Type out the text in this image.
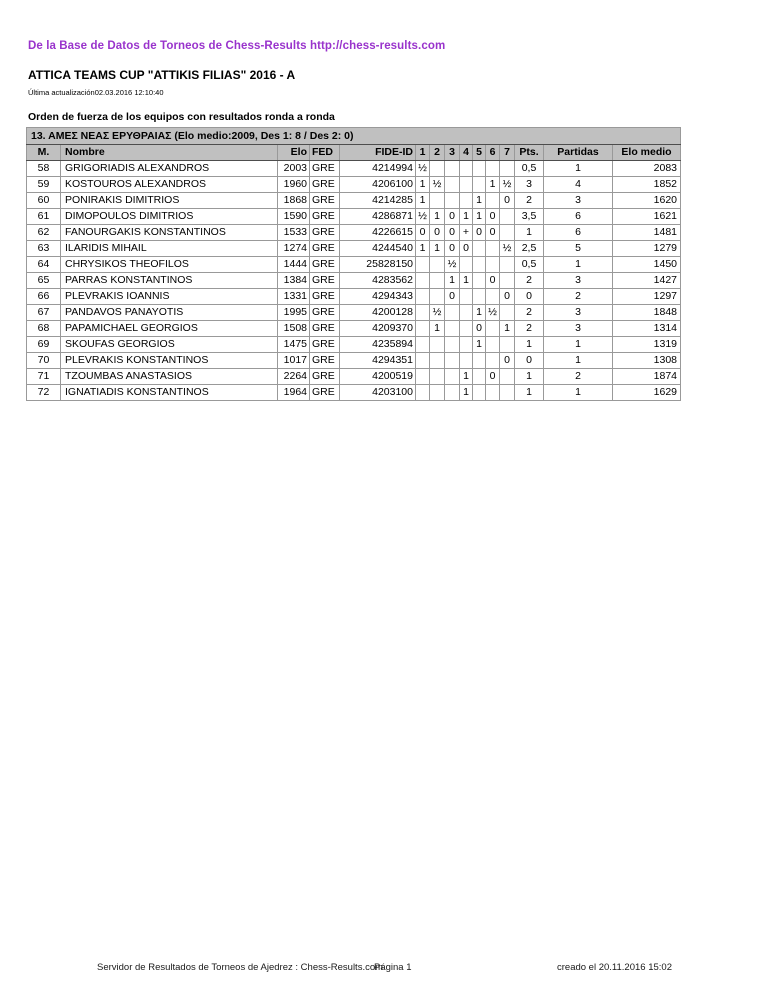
De la Base de Datos de Torneos de Chess-Results http://chess-results.com
ATTICA TEAMS CUP "ATTIKIS FILIAS" 2016 - A
Última actualización02.03.2016 12:10:40
Orden de fuerza de los equipos con resultados ronda a ronda
13. ΑΜΕΣ ΝΕΑΣ ΕΡΥΘΡΑΙΑΣ (Elo medio:2009, Des 1: 8 / Des 2: 0)														
M.	Nombre	Elo	FED	FIDE-ID	1	2	3	4	5	6	7	Pts.	Partidas	Elo medio
58	GRIGORIADIS ALEXANDROS	2003	GRE	4214994	½							0,5	1	2083
59	KOSTOUROS ALEXANDROS	1960	GRE	4206100	1	½				1	½	3	4	1852
60	PONIRAKIS DIMITRIOS	1868	GRE	4214285	1				1		0	2	3	1620
61	DIMOPOULOS DIMITRIOS	1590	GRE	4286871	½	1	0	1	1	0		3,5	6	1621
62	FANOURGAKIS KONSTANTINOS	1533	GRE	4226615	0	0	0	+	0	0		1	6	1481
63	ILARIDIS MIHAIL	1274	GRE	4244540	1	1	0	0			½	2,5	5	1279
64	CHRYSIKOS THEOFILOS	1444	GRE	25828150			½					0,5	1	1450
65	PARRAS KONSTANTINOS	1384	GRE	4283562			1	1		0		2	3	1427
66	PLEVRAKIS IOANNIS	1331	GRE	4294343			0				0	0	2	1297
67	PANDAVOS PANAYOTIS	1995	GRE	4200128		½			1	½		2	3	1848
68	PAPAMICHAEL GEORGIOS	1508	GRE	4209370		1			0		1	2	3	1314
69	SKOUFAS GEORGIOS	1475	GRE	4235894					1			1	1	1319
70	PLEVRAKIS KONSTANTINOS	1017	GRE	4294351							0	0	1	1308
71	TZOUMBAS ANASTASIOS	2264	GRE	4200519				1		0		1	2	1874
72	IGNATIADIS KONSTANTINOS	1964	GRE	4203100				1				1	1	1629
Servidor de Resultados de Torneos de Ajedrez : Chess-Results.com
Página 1	creado el 20.11.2016 15:02
